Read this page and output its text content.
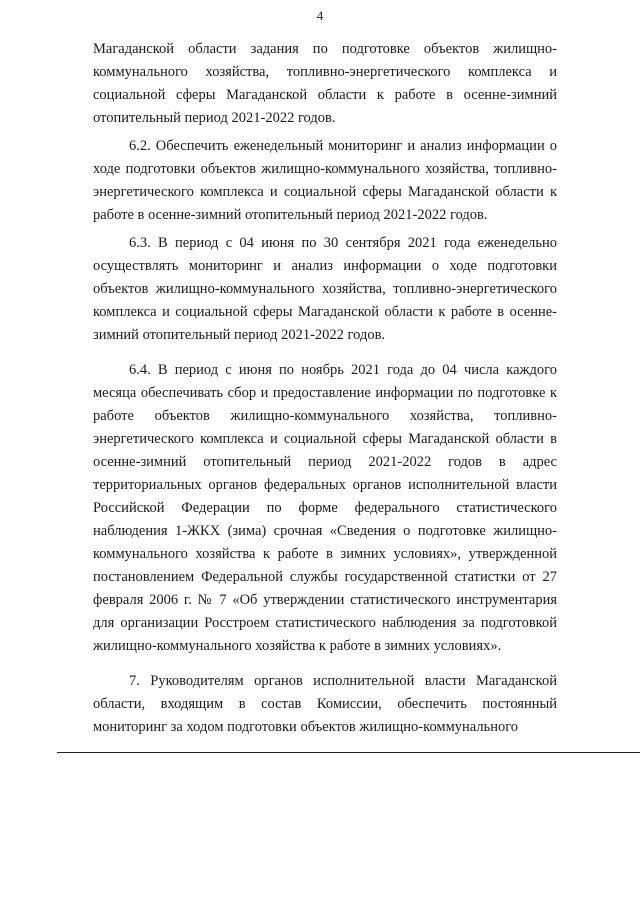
4

Магаданской области задания по подготовке объектов жилищно-коммунального хозяйства, топливно-энергетического комплекса и социальной сферы Магаданской области к работе в осенне-зимний отопительный период 2021-2022 годов.

6.2. Обеспечить еженедельный мониторинг и анализ информации о ходе подготовки объектов жилищно-коммунального хозяйства, топливно-энергетического комплекса и социальной сферы Магаданской области к работе в осенне-зимний отопительный период 2021-2022 годов.

6.3. В период с 04 июня по 30 сентября 2021 года еженедельно осуществлять мониторинг и анализ информации о ходе подготовки объектов жилищно-коммунального хозяйства, топливно-энергетического комплекса и социальной сферы Магаданской области к работе в осенне-зимний отопительный период 2021-2022 годов.

6.4. В период с июня по ноябрь 2021 года до 04 числа каждого месяца обеспечивать сбор и предоставление информации по подготовке к работе объектов жилищно-коммунального хозяйства, топливно-энергетического комплекса и социальной сферы Магаданской области в осенне-зимний отопительный период 2021-2022 годов в адрес территориальных органов федеральных органов исполнительной власти Российской Федерации по форме федерального статистического наблюдения 1-ЖКХ (зима) срочная «Сведения о подготовке жилищно-коммунального хозяйства к работе в зимних условиях», утвержденной постановлением Федеральной службы государственной статистки от 27 февраля 2006 г. № 7 «Об утверждении статистического инструментария для организации Росстроем статистического наблюдения за подготовкой жилищно-коммунального хозяйства к работе в зимних условиях».

7. Руководителям органов исполнительной власти Магаданской области, входящим в состав Комиссии, обеспечить постоянный мониторинг за ходом подготовки объектов жилищно-коммунального
